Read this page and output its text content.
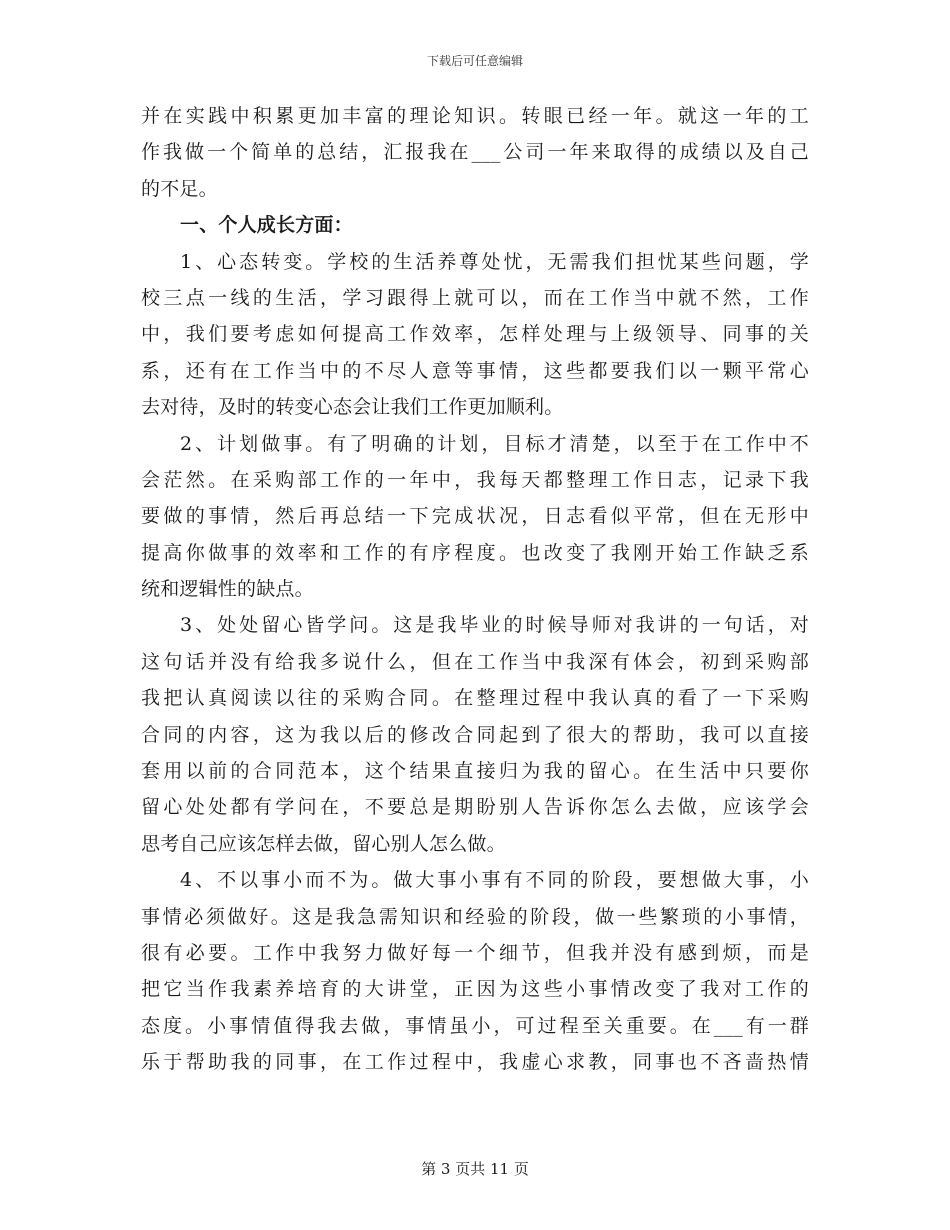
下载后可任意编辑
并在实践中积累更加丰富的理论知识。转眼已经一年。就这一年的工
作我做一个简单的总结，汇报我在___公司一年来取得的成绩以及自己
的不足。
一、个人成长方面：
1、心态转变。学校的生活养尊处忧，无需我们担忧某些问题，学
校三点一线的生活，学习跟得上就可以，而在工作当中就不然，工作
中，我们要考虑如何提高工作效率，怎样处理与上级领导、同事的关
系，还有在工作当中的不尽人意等事情，这些都要我们以一颗平常心
去对待，及时的转变心态会让我们工作更加顺利。
2、计划做事。有了明确的计划，目标才清楚，以至于在工作中不
会茫然。在采购部工作的一年中，我每天都整理工作日志，记录下我
要做的事情，然后再总结一下完成状况，日志看似平常，但在无形中
提高你做事的效率和工作的有序程度。也改变了我刚开始工作缺乏系
统和逻辑性的缺点。
3、处处留心皆学问。这是我毕业的时候导师对我讲的一句话，对
这句话并没有给我多说什么，但在工作当中我深有体会，初到采购部
我把认真阅读以往的采购合同。在整理过程中我认真的看了一下采购
合同的内容，这为我以后的修改合同起到了很大的帮助，我可以直接
套用以前的合同范本，这个结果直接归为我的留心。在生活中只要你
留心处处都有学问在，不要总是期盼别人告诉你怎么去做，应该学会
思考自己应该怎样去做，留心别人怎么做。
4、不以事小而不为。做大事小事有不同的阶段，要想做大事，小
事情必须做好。这是我急需知识和经验的阶段，做一些繁琐的小事情，
很有必要。工作中我努力做好每一个细节，但我并没有感到烦，而是
把它当作我素养培育的大讲堂，正因为这些小事情改变了我对工作的
态度。小事情值得我去做，事情虽小，可过程至关重要。在___有一群
乐于帮助我的同事，在工作过程中，我虚心求教，同事也不吝啬热情
第 3 页共 11 页
